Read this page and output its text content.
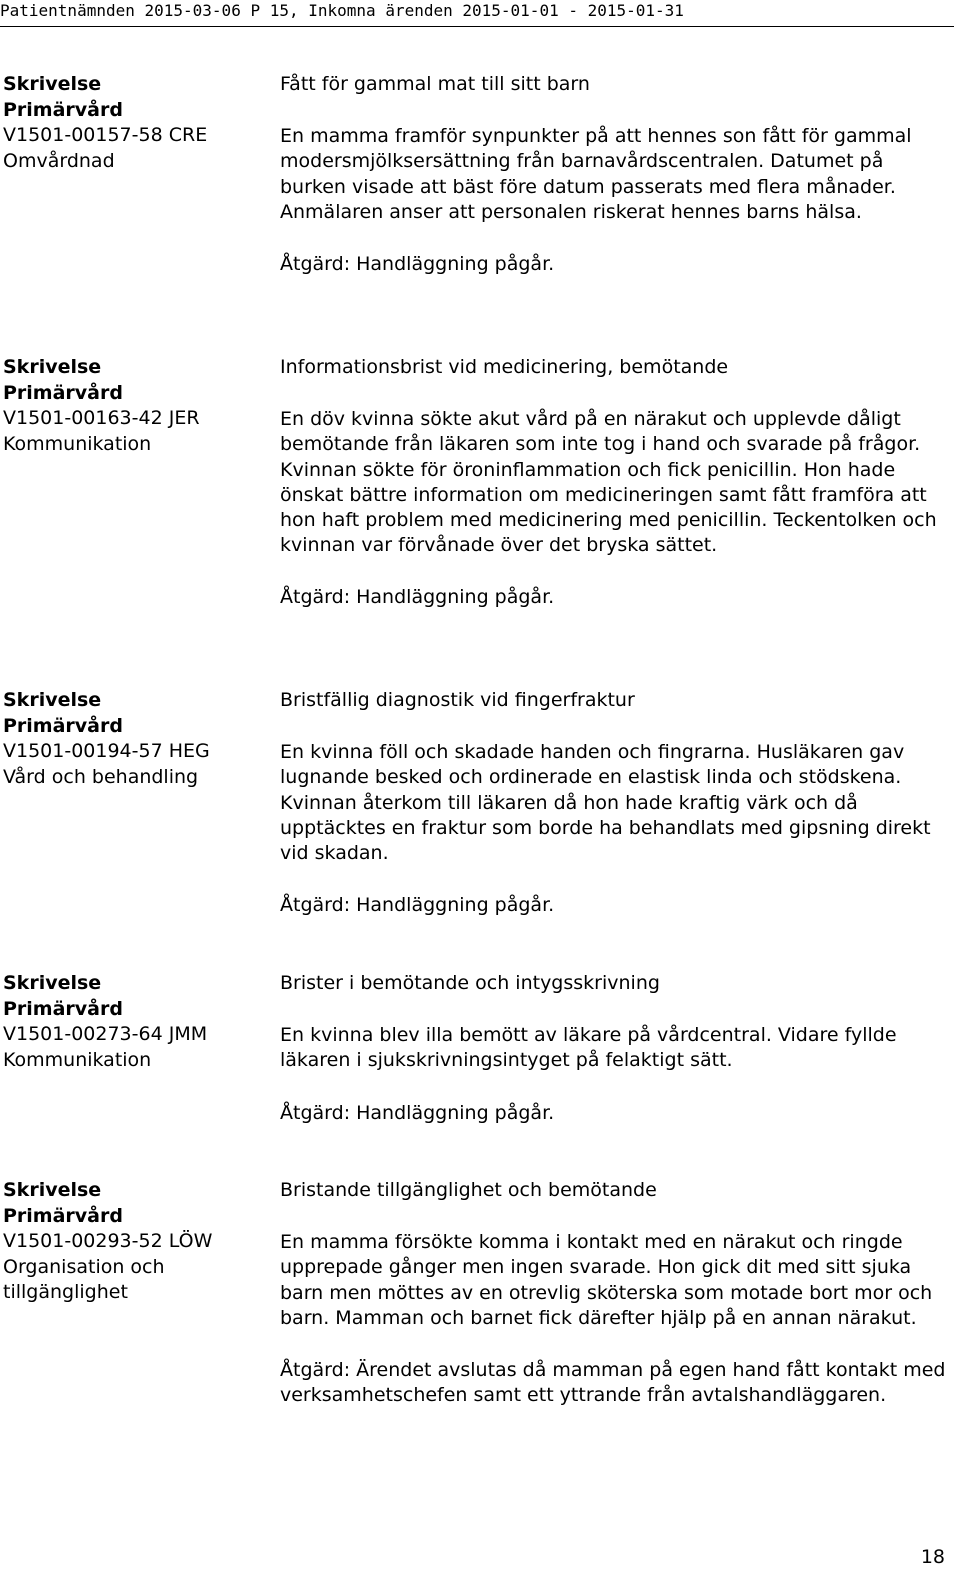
Patientnämnden 2015-03-06 P 15, Inkomna ärenden 2015-01-01 - 2015-01-31
Skrivelse
Primärvård
V1501-00157-58 CRE
Omvårdnad

Fått för gammal mat till sitt barn

En mamma framför synpunkter på att hennes son fått för gammal modersmjölksersättning från barnavårdscentralen. Datumet på burken visade att bäst före datum passerats med flera månader. Anmälaren anser att personalen riskerat hennes barns hälsa.

Åtgärd: Handläggning pågår.

Skrivelse
Primärvård
V1501-00163-42 JER
Kommunikation

Informationsbrist vid medicinering, bemötande

En döv kvinna sökte akut vård på en närakut och upplevde dåligt bemötande från läkaren som inte tog i hand och svarade på frågor. Kvinnan sökte för öroninflammation och fick penicillin. Hon hade önskat bättre information om medicineringen samt fått framföra att hon haft problem med medicinering med penicillin. Teckentolken och kvinnan var förvånade över det bryska sättet.

Åtgärd: Handläggning pågår.

Skrivelse
Primärvård
V1501-00194-57 HEG
Vård och behandling

Bristfällig diagnostik vid fingerfraktur

En kvinna föll och skadade handen och fingrarna. Husläkaren gav lugnande besked och ordinerade en elastisk linda och stödskena. Kvinnan återkom till läkaren då hon hade kraftig värk och då upptäcktes en fraktur som borde ha behandlats med gipsning direkt vid skadan.

Åtgärd: Handläggning pågår.

Skrivelse
Primärvård
V1501-00273-64 JMM
Kommunikation

Brister i bemötande och intygsskrivning

En kvinna blev illa bemött av läkare på vårdcentral. Vidare fyllde läkaren i sjukskrivningsintyget på felaktigt sätt.

Åtgärd: Handläggning pågår.

Skrivelse
Primärvård
V1501-00293-52 LÖW
Organisation och tillgänglighet

Bristande tillgänglighet och bemötande

En mamma försökte komma i kontakt med en närakut och ringde upprepade gånger men ingen svarade. Hon gick dit med sitt sjuka barn men möttes av en otrevlig sköterska som motade bort mor och barn. Mamman och barnet fick därefter hjälp på en annan närakut.

Åtgärd: Ärendet avslutas då mamman på egen hand fått kontakt med verksamhetschefen samt ett yttrande från avtalshandläggaren.

18
